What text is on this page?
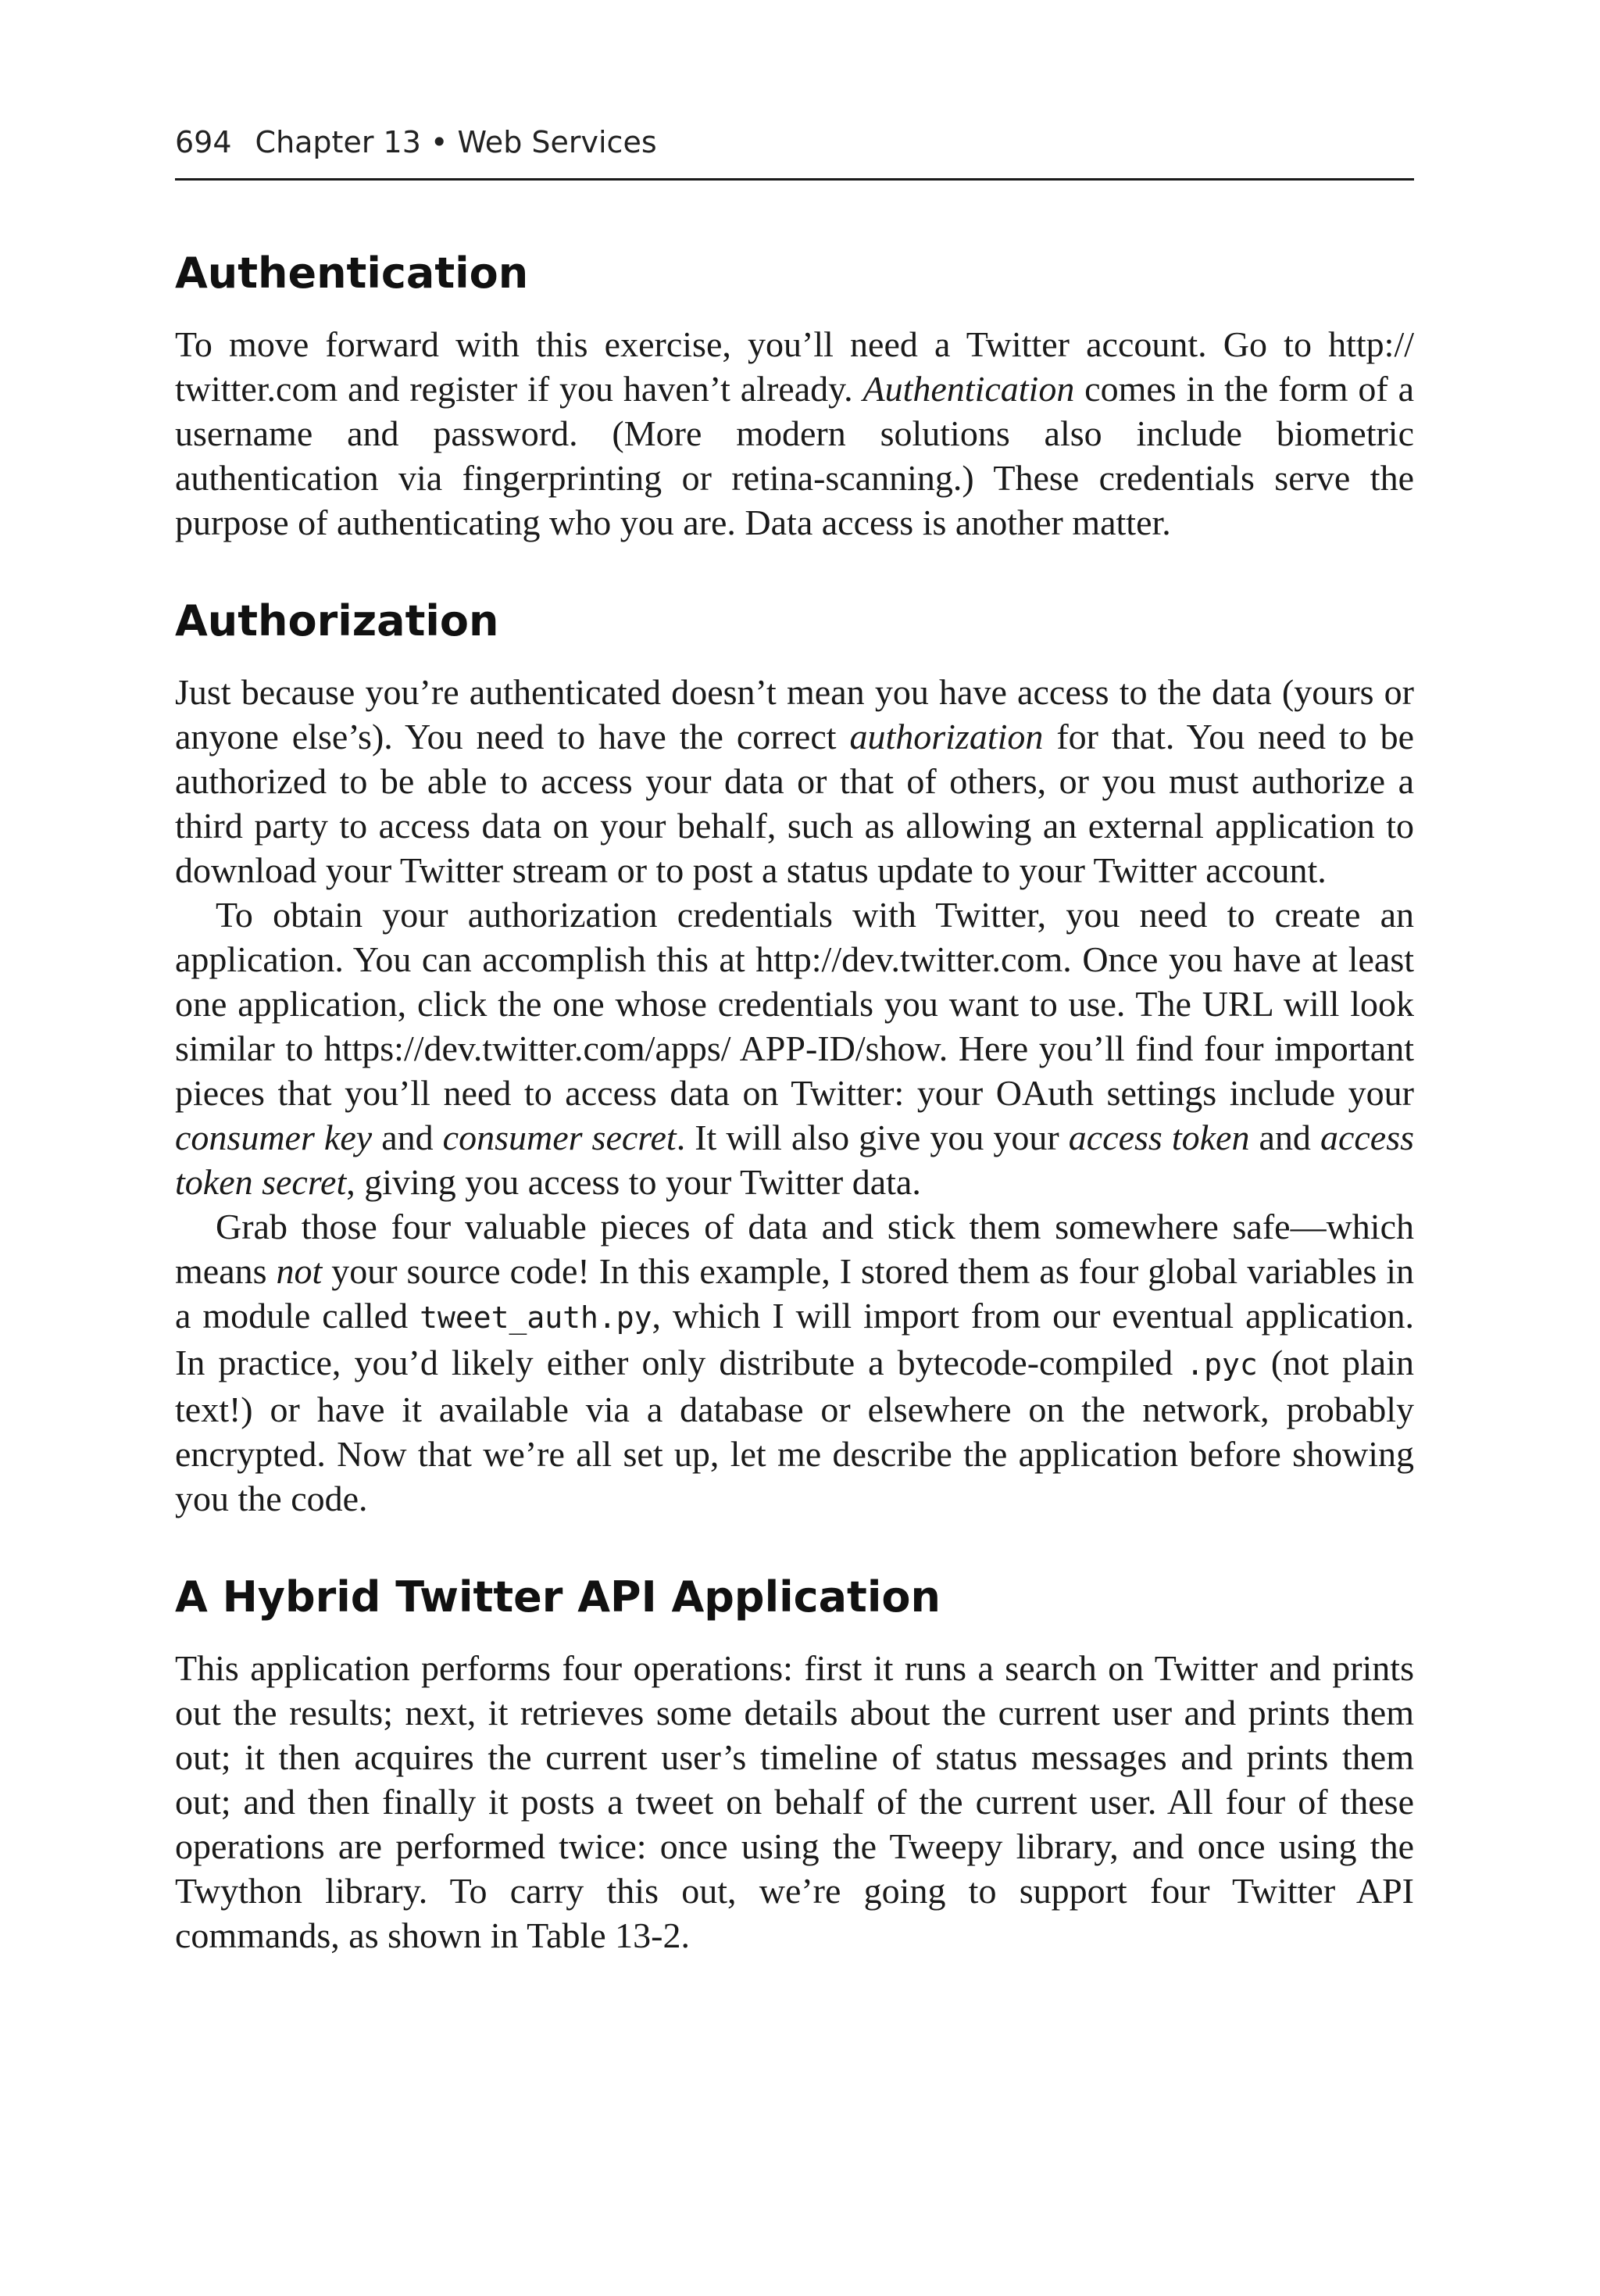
694 Chapter 13 • Web Services
Authentication

To move forward with this exercise, you’ll need a Twitter account. Go to http:// twitter.com and register if you haven’t already. Authentication comes in the form of a username and password. (More modern solutions also include biometric authentication via fingerprinting or retina-scanning.) These credentials serve the purpose of authenticating who you are. Data access is another matter.

Authorization

Just because you’re authenticated doesn’t mean you have access to the data (yours or anyone else’s). You need to have the correct authorization for that. You need to be authorized to be able to access your data or that of others, or you must authorize a third party to access data on your behalf, such as allowing an external application to download your Twitter stream or to post a status update to your Twitter account.

To obtain your authorization credentials with Twitter, you need to create an application. You can accomplish this at http://dev.twitter.com. Once you have at least one application, click the one whose credentials you want to use. The URL will look similar to https://dev.twitter.com/apps/ APP-ID/show. Here you’ll find four important pieces that you’ll need to access data on Twitter: your OAuth settings include your consumer key and consumer secret. It will also give you your access token and access token secret, giving you access to your Twitter data.

Grab those four valuable pieces of data and stick them somewhere safe—which means not your source code! In this example, I stored them as four global variables in a module called tweet_auth.py, which I will import from our eventual application. In practice, you’d likely either only distribute a bytecode-compiled .pyc (not plain text!) or have it available via a database or elsewhere on the network, probably encrypted. Now that we’re all set up, let me describe the application before showing you the code.

A Hybrid Twitter API Application

This application performs four operations: first it runs a search on Twitter and prints out the results; next, it retrieves some details about the current user and prints them out; it then acquires the current user’s timeline of status messages and prints them out; and then finally it posts a tweet on behalf of the current user. All four of these operations are performed twice: once using the Tweepy library, and once using the Twython library. To carry this out, we’re going to support four Twitter API commands, as shown in Table 13-2.
